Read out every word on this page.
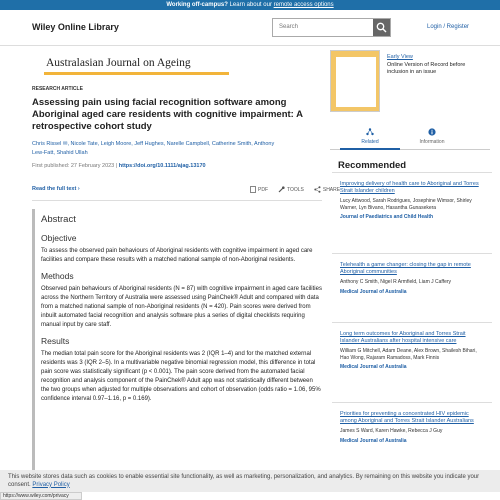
Working off-campus? Learn about our remote access options
Wiley Online Library	Search	Login / Register
Australasian Journal on Ageing	Early View
Online Version of Record before inclusion in an issue
Related	Information
Recommended
Improving delivery of health care to Aboriginal and Torres Strait Islander children
Lucy Attwood, Sarah Rodrigues, Josephine Wimsor, Shirley Warner, Lyn Bivano, Hasantha Gunasekera
Journal of Paediatrics and Child Health
Telehealth a game changer: closing the gap in remote Aboriginal communities
Anthony C Smith, Nigel R Armfield, Liam J Caffery
Medical Journal of Australia
Long term outcomes for Aboriginal and Torres Strait Islander Australians after hospital intensive care
William G Mitchell, Adam Deane, Alex Brown, Shailesh Bihari, Hao Wong, Rajaram Ramadoss, Mark Finnis
Medical Journal of Australia
Priorities for preventing a concentrated HIV epidemic among Aboriginal and Torres Strait Islander Australians
James S Ward, Karen Hawke, Rebecca J Guy
Medical Journal of Australia
RESEARCH ARTICLE
Assessing pain using facial recognition software among Aboriginal aged care residents with cognitive impairment: A retrospective cohort study
Chris Rissel ✉, Nicole Tate, Leigh Moore, Jeff Hughes, Narelle Campbell, Catherine Smith, Anthony Lew-Fatt, Shahid Ullah
First published: 27 February 2023 | https://doi.org/10.1111/ajag.13170
Read the full text ›	PDF	TOOLS	SHARE
Abstract
Objective

To assess the observed pain behaviours of Aboriginal residents with cognitive impairment in aged care facilities and compare these results with a matched national sample of non-Aboriginal residents.

Methods

Observed pain behaviours of Aboriginal residents (N = 87) with cognitive impairment in aged care facilities across the Northern Territory of Australia were assessed using PainChek® Adult and compared with data from a matched national sample of non-Aboriginal residents (N = 420). Pain scores were derived from inbuilt automated facial recognition and analysis software plus a series of digital checklists requiring manual input by care staff.

Results

The median total pain score for the Aboriginal residents was 2 (IQR 1–4) and for the matched external residents was 3 (IQR 2–5). In a multivariable negative binomial regression model, this difference in total pain score was statistically significant (p < 0.001). The pain score derived from the automated facial recognition and analysis component of the PainChek® Adult app was not statistically different between the two groups when adjusted for multiple observations and cohort of observation (odds ratio = 1.06, 95% confidence interval 0.97–1.16, p = 0.169).

This website stores data such as cookies to enable essential site functionality, as well as marketing, personalization, and analytics. By remaining on this website you indicate your consent. Privacy Policy
https://www.wiley.com/privacy
